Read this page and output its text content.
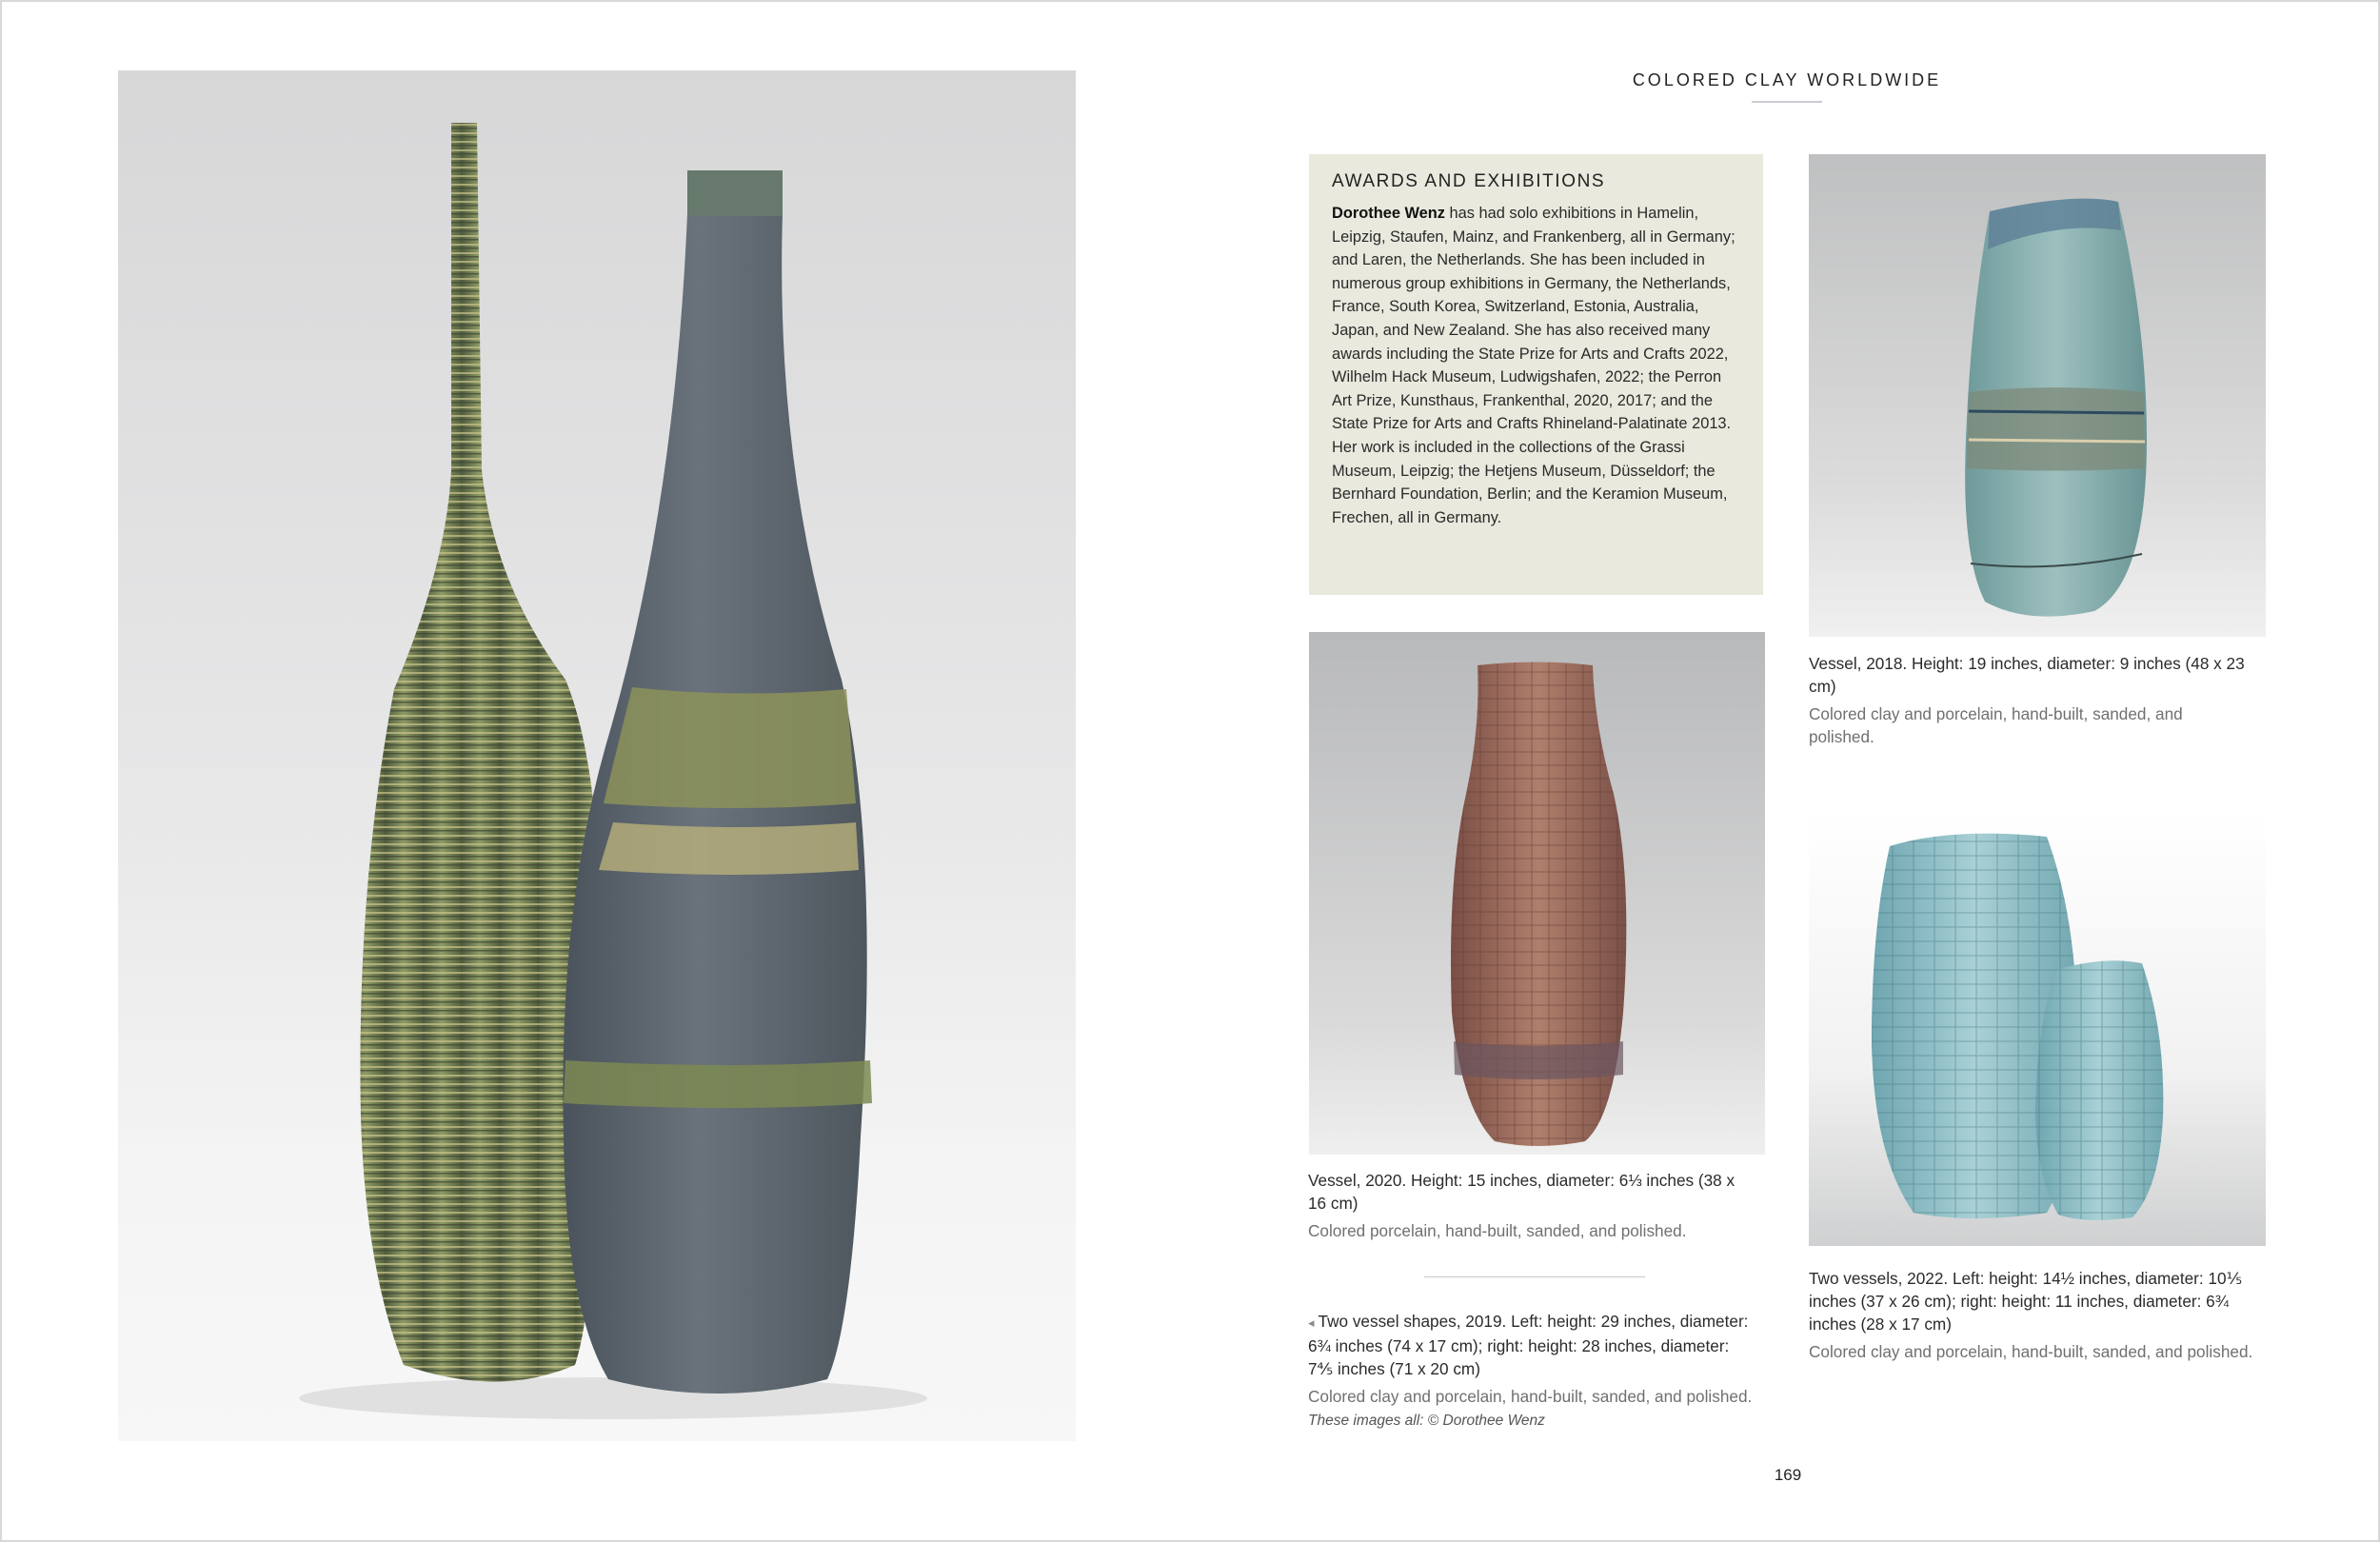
COLORED CLAY WORLDWIDE

AWARDS AND EXHIBITIONS

Dorothee Wenz has had solo exhibitions in Hamelin, Leipzig, Staufen, Mainz, and Frankenberg, all in Germany; and Laren, the Netherlands. She has been included in numerous group exhibitions in Germany, the Netherlands, France, South Korea, Switzerland, Estonia, Australia, Japan, and New Zealand. She has also received many awards including the State Prize for Arts and Crafts 2022, Wilhelm Hack Museum, Ludwigshafen, 2022; the Perron Art Prize, Kunsthaus, Frankenthal, 2020, 2017; and the State Prize for Arts and Crafts Rhineland-Palatinate 2013. Her work is included in the collections of the Grassi Museum, Leipzig; the Hetjens Museum, Düsseldorf; the Bernhard Foundation, Berlin; and the Keramion Museum, Frechen, all in Germany.

Vessel, 2018. Height: 19 inches, diameter: 9 inches (48 x 23 cm)

Colored clay and porcelain, hand-built, sanded, and polished.

Vessel, 2020. Height: 15 inches, diameter: 6⅓ inches (38 x 16 cm)

Colored porcelain, hand-built, sanded, and polished.

◂ Two vessel shapes, 2019. Left: height: 29 inches, diameter: 6¾ inches (74 x 17 cm); right: height: 28 inches, diameter: 7⅘ inches (71 x 20 cm)

Colored clay and porcelain, hand-built, sanded, and polished. These images all: © Dorothee Wenz

Two vessels, 2022. Left: height: 14½ inches, diameter: 10⅕ inches (37 x 26 cm); right: height: 11 inches, diameter: 6¾ inches (28 x 17 cm)

Colored clay and porcelain, hand-built, sanded, and polished.

169
